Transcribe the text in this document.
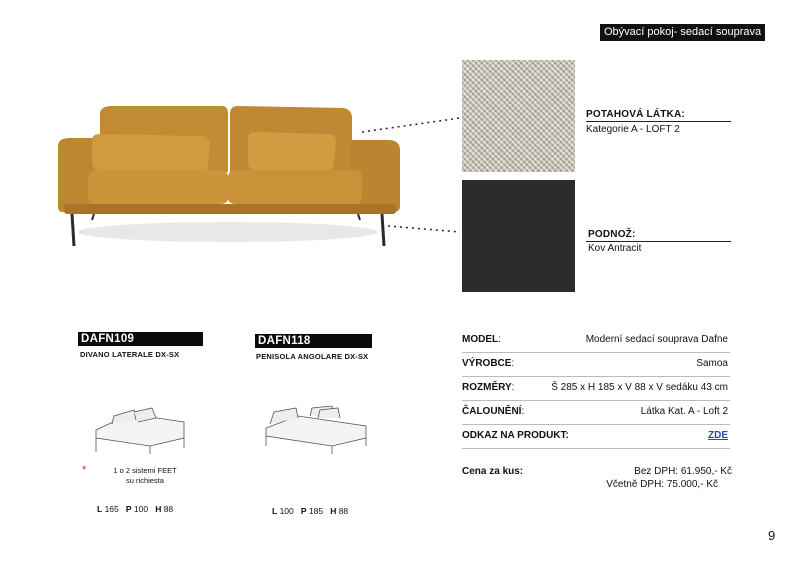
Obývací pokoj- sedací souprava
POTAHOVÁ LÁTKA:
Kategorie A - LOFT 2
PODNOŽ:
Kov Antracit
DAFN109
DIVANO LATERALE DX-SX
*	1 o 2 sistemi FEET
su richiesta
L 165 P 100 H 88
DAFN118
PENISOLA ANGOLARE DX-SX
L 100 P 185 H 88
MODEL:	Moderní sedací souprava Dafne
VÝROBCE:	Samoa
ROZMĚRY:	Š 285 x H 185 x V 88 x V sedáku 43 cm
ČALOUNĚNÍ:	Látka Kat. A - Loft 2
ODKAZ NA PRODUKT:	ZDE
Cena za kus:	Bez DPH: 61.950,- Kč
Včetně DPH: 75.000,- Kč
9
